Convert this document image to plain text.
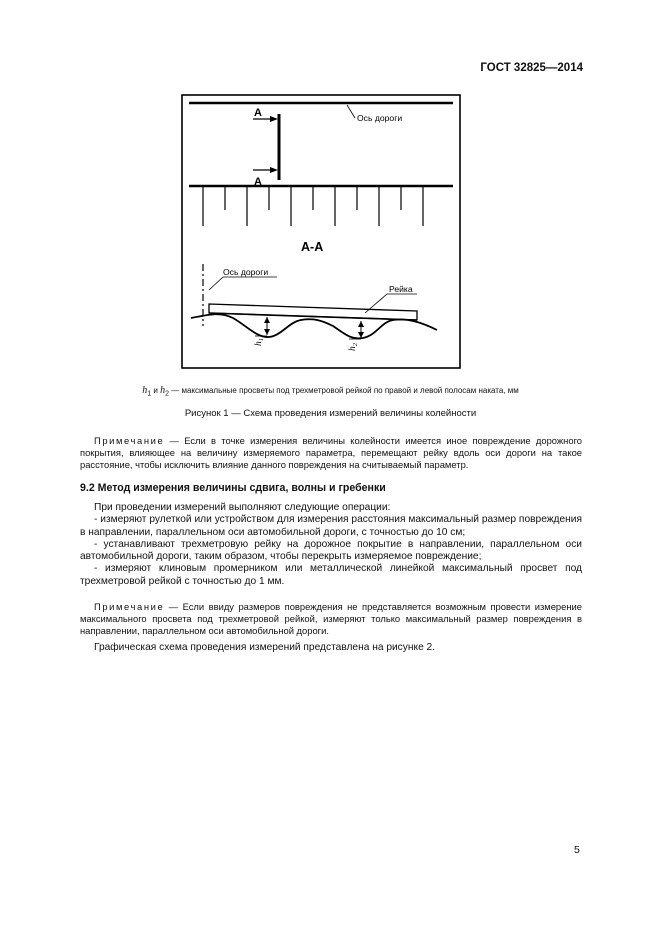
ГОСТ 32825—2014
Ось дороги
А
А
А-А
Ось дороги
Рейка
$h_1$
$h_2$
$h_1$ и $h_2$ — максимальные просветы под трехметровой рейкой по правой и левой полосам наката, мм
Рисунок 1 — Схема проведения измерений величины колейности

Примечание — Если в точке измерения величины колейности имеется иное повреждение дорожного покрытия, влияющее на величину измеряемого параметра, перемещают рейку вдоль оси дороги на такое расстояние, чтобы исключить влияние данного повреждения на считываемый параметр.

9.2 Метод измерения величины сдвига, волны и гребенки

При проведении измерений выполняют следующие операции:

- измеряют рулеткой или устройством для измерения расстояния максимальный размер повреждения в направлении, параллельном оси автомобильной дороги, с точностью до 10 см;

- устанавливают трехметровую рейку на дорожное покрытие в направлении, параллельном оси автомобильной дороги, таким образом, чтобы перекрыть измеряемое повреждение;

- измеряют клиновым промерником или металлической линейкой максимальный просвет под трехметровой рейкой с точностью до 1 мм.

Примечание — Если ввиду размеров повреждения не представляется возможным провести измерение максимального просвета под трехметровой рейкой, измеряют только максимальный размер повреждения в направлении, параллельном оси автомобильной дороги.

Графическая схема проведения измерений представлена на рисунке 2.

5
